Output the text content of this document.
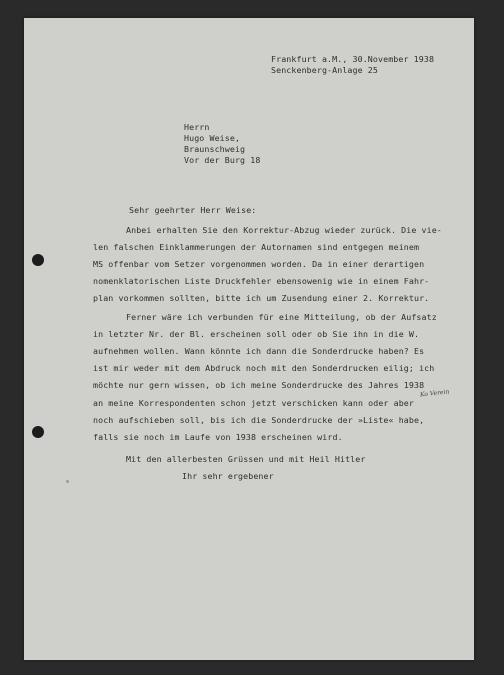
Frankfurt a.M., 30.November 1938
Senckenberg-Anlage 25
Herrn
Hugo Weise,
Braunschweig
Vor der Burg 18
Sehr geehrter Herr Weise:
Anbei erhalten Sie den Korrektur-Abzug wieder zurück. Die vie-
len falschen Einklammerungen der Autornamen sind entgegen meinem
MS offenbar vom Setzer vorgenommen worden. Da in einer derartigen
nomenklatorischen Liste Druckfehler ebensowenig wie in einem Fahr-
plan vorkommen sollten, bitte ich um Zusendung einer 2. Korrektur.
Ferner wäre ich verbunden für eine Mitteilung, ob der Aufsatz
in letzter Nr. der Bl. erscheinen soll oder ob Sie ihn in die W.
aufnehmen wollen. Wann könnte ich dann die Sonderdrucke haben? Es
ist mir weder mit dem Abdruck noch mit den Sonderdrucken eilig; ich
möchte nur gern wissen, ob ich meine Sonderdrucke des Jahres 1938
an meine Korrespondenten schon jetzt verschicken kann oder aber
noch aufschieben soll, bis ich die Sonderdrucke der »Liste« habe,
falls sie noch im Laufe von 1938 erscheinen wird.
Ko Verein
Mit den allerbesten Grüssen und mit Heil Hitler
Ihr sehr ergebener
